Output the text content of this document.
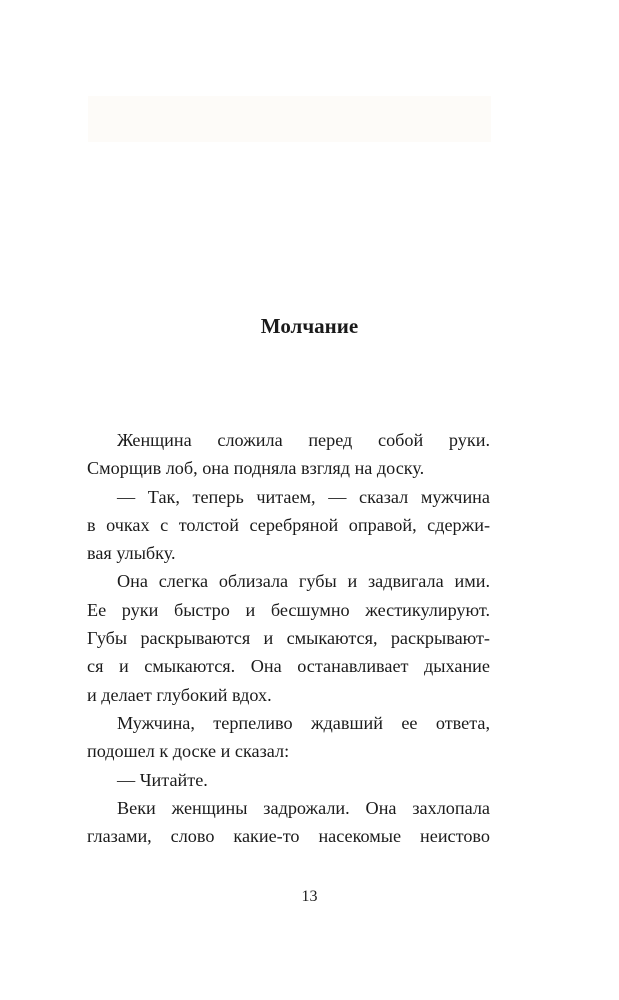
Молчание

Женщина сложила перед собой руки.
Сморщив лоб, она подняла взгляд на доску.

— Так, теперь читаем, — сказал мужчина
в очках с толстой серебряной оправой, сдержи-
вая улыбку.

Она слегка облизала губы и задвигала ими.
Ее руки быстро и бесшумно жестикулируют.
Губы раскрываются и смыкаются, раскрывают-
ся и смыкаются. Она останавливает дыхание
и делает глубокий вдох.

Мужчина, терпеливо ждавший ее ответа,
подошел к доске и сказал:

— Читайте.

Веки женщины задрожали. Она захлопала
глазами, слово какие-то насекомые неистово

13
